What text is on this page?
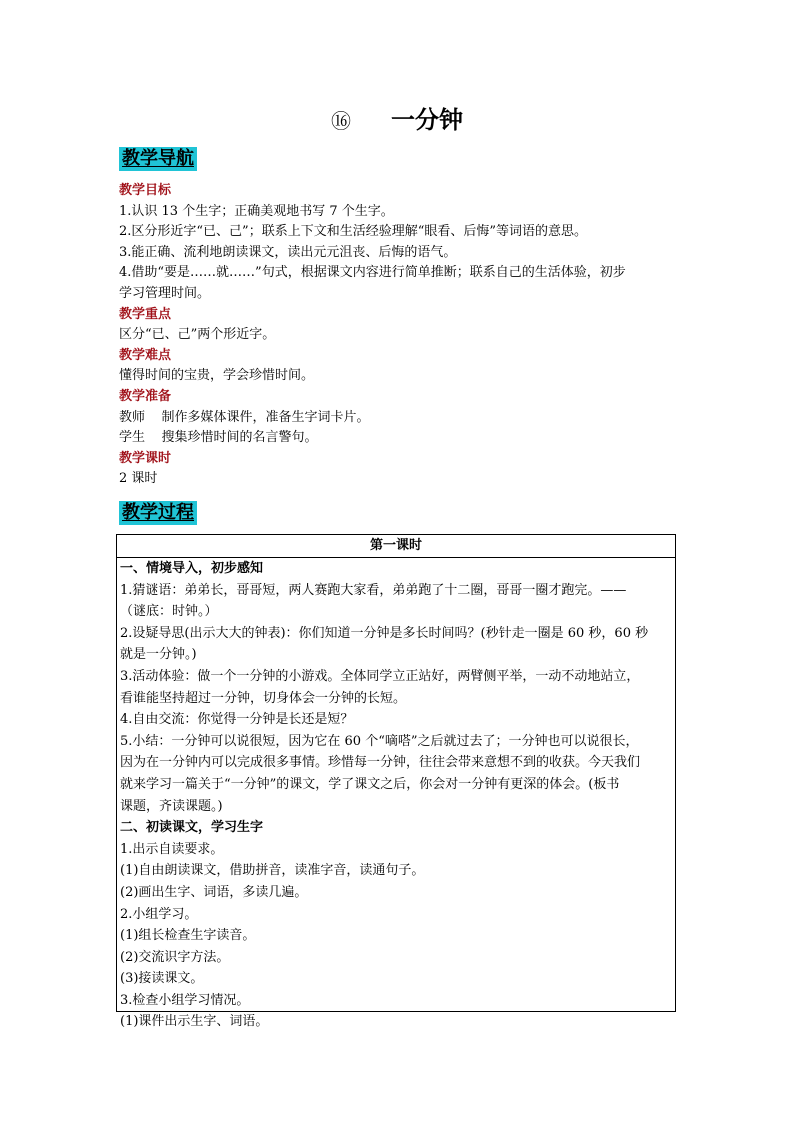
⑯ 一分钟
教学导航
教学目标
1.认识 13 个生字；正确美观地书写 7 个生字。
2.区分形近字“已、己”；联系上下文和生活经验理解“眼看、后悔”等词语的意思。
3.能正确、流利地朗读课文，读出元元沮丧、后悔的语气。
4.借助“要是……就……”句式，根据课文内容进行简单推断；联系自己的生活体验，初步
学习管理时间。
教学重点
区分“已、己”两个形近字。
教学难点
懂得时间的宝贵，学会珍惜时间。
教学准备
教师    制作多媒体课件，准备生字词卡片。
学生    搜集珍惜时间的名言警句。
教学课时
2 课时
教学过程
第一课时
一、情境导入，初步感知
1.猜谜语：弟弟长，哥哥短，两人赛跑大家看，弟弟跑了十二圈，哥哥一圈才跑完。——
（谜底：时钟。）
2.设疑导思(出示大大的钟表)：你们知道一分钟是多长时间吗？(秒针走一圈是 60 秒，60 秒
就是一分钟。)
3.活动体验：做一个一分钟的小游戏。全体同学立正站好，两臂侧平举，一动不动地站立，
看谁能坚持超过一分钟，切身体会一分钟的长短。
4.自由交流：你觉得一分钟是长还是短？
5.小结：一分钟可以说很短，因为它在 60 个“嘀嗒”之后就过去了；一分钟也可以说很长，
因为在一分钟内可以完成很多事情。珍惜每一分钟，往往会带来意想不到的收获。今天我们
就来学习一篇关于“一分钟”的课文，学了课文之后，你会对一分钟有更深的体会。(板书
课题，齐读课题。)
二、初读课文，学习生字
1.出示自读要求。
(1)自由朗读课文，借助拼音，读准字音，读通句子。
(2)画出生字、词语，多读几遍。
2.小组学习。
(1)组长检查生字读音。
(2)交流识字方法。
(3)接读课文。
3.检查小组学习情况。
(1)课件出示生字、词语。
